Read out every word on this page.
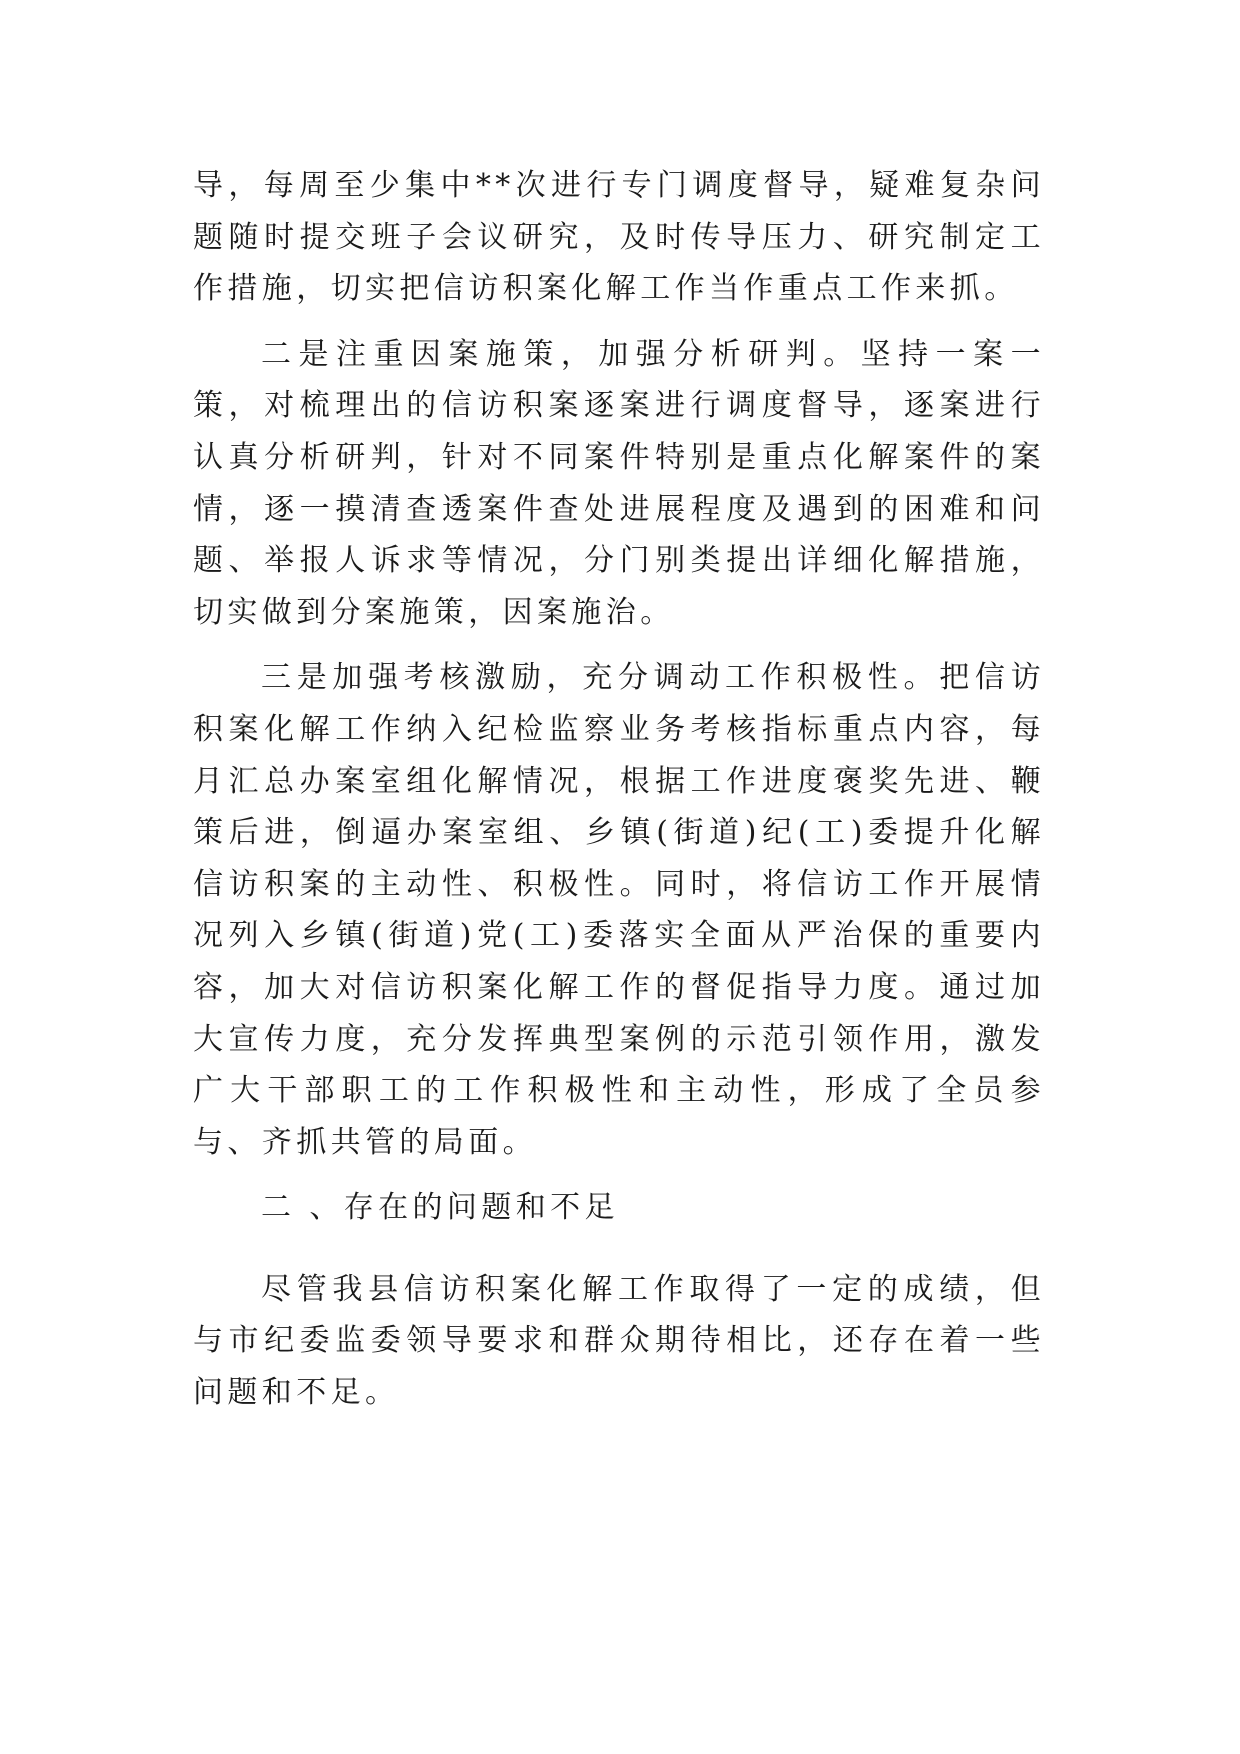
导，每周至少集中**次进行专门调度督导，疑难复杂问题随时提交班子会议研究，及时传导压力、研究制定工作措施，切实把信访积案化解工作当作重点工作来抓。

二是注重因案施策，加强分析研判。坚持一案一策，对梳理出的信访积案逐案进行调度督导，逐案进行认真分析研判，针对不同案件特别是重点化解案件的案情，逐一摸清查透案件查处进展程度及遇到的困难和问题、举报人诉求等情况，分门别类提出详细化解措施，切实做到分案施策，因案施治。

三是加强考核激励，充分调动工作积极性。把信访积案化解工作纳入纪检监察业务考核指标重点内容，每月汇总办案室组化解情况，根据工作进度褒奖先进、鞭策后进，倒逼办案室组、乡镇(街道)纪(工)委提升化解信访积案的主动性、积极性。同时，将信访工作开展情况列入乡镇(街道)党(工)委落实全面从严治保的重要内容，加大对信访积案化解工作的督促指导力度。通过加大宣传力度，充分发挥典型案例的示范引领作用，激发广大干部职工的工作积极性和主动性，形成了全员参与、齐抓共管的局面。

二 、存在的问题和不足

尽管我县信访积案化解工作取得了一定的成绩，但与市纪委监委领导要求和群众期待相比，还存在着一些问题和不足。
